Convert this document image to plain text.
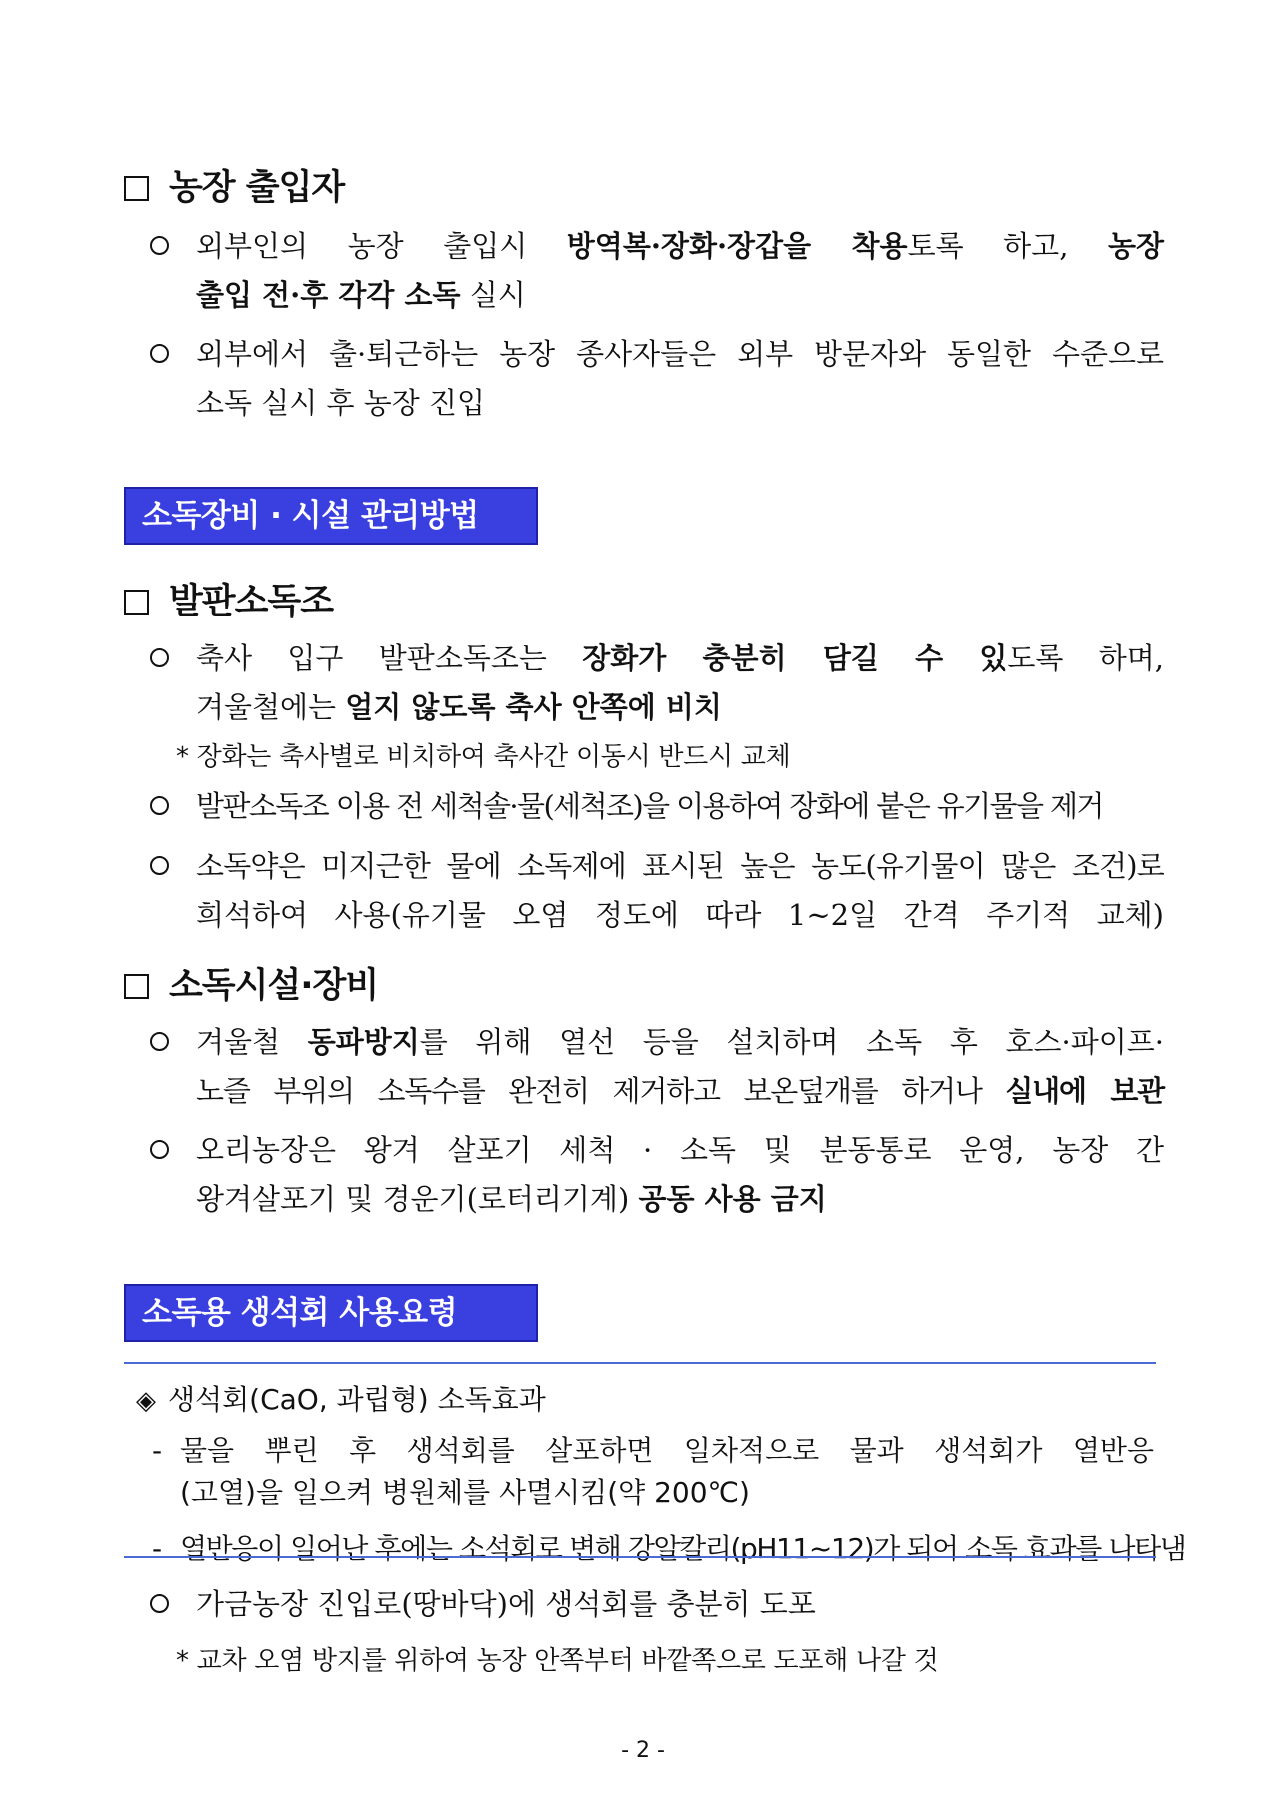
농장 출입자
외부인의 농장 출입시 방역복·장화·장갑을 착용토록 하고, 농장
출입 전·후 각각 소독 실시
외부에서 출·퇴근하는 농장 종사자들은 외부 방문자와 동일한 수준으로
소독 실시 후 농장 진입
소독장비 · 시설 관리방법
발판소독조
축사 입구 발판소독조는 장화가 충분히 담길 수 있도록 하며,
겨울철에는 얼지 않도록 축사 안쪽에 비치
* 장화는 축사별로 비치하여 축사간 이동시 반드시 교체
발판소독조 이용 전 세척솔·물(세척조)을 이용하여 장화에 붙은 유기물을 제거
소독약은 미지근한 물에 소독제에 표시된 높은 농도(유기물이 많은 조건)로
희석하여 사용(유기물 오염 정도에 따라 1~2일 간격 주기적 교체)
소독시설·장비
겨울철 동파방지를 위해 열선 등을 설치하며 소독 후 호스·파이프·
노즐 부위의 소독수를 완전히 제거하고 보온덮개를 하거나 실내에 보관
오리농장은 왕겨 살포기 세척 · 소독 및 분동통로 운영, 농장 간
왕겨살포기 및 경운기(로터리기계) 공동 사용 금지
소독용 생석회 사용요령
◈ 생석회(CaO, 과립형) 소독효과
- 물을 뿌린 후 생석회를 살포하면 일차적으로 물과 생석회가 열반응
(고열)을 일으켜 병원체를 사멸시킴(약 200℃)
- 열반응이 일어난 후에는 소석회로 변해 강알칼리(pH11~12)가 되어 소독 효과를 나타냄
가금농장 진입로(땅바닥)에 생석회를 충분히 도포
* 교차 오염 방지를 위하여 농장 안쪽부터 바깥쪽으로 도포해 나갈 것
- 2 -
